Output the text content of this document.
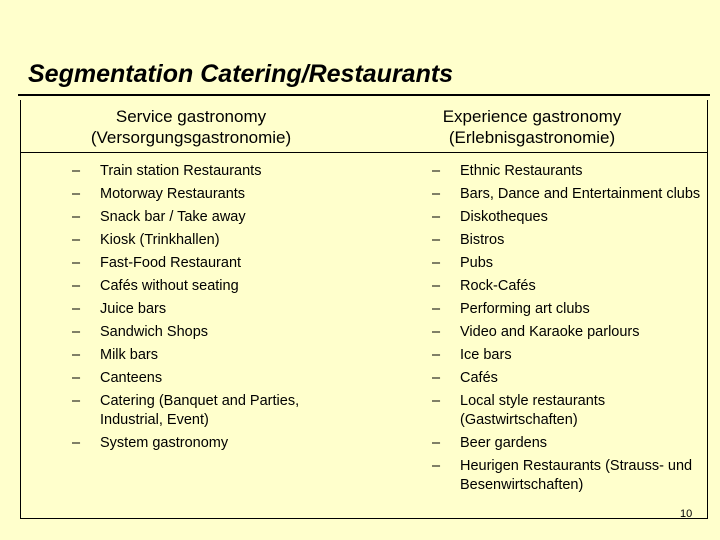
Segmentation Catering/Restaurants
Service gastronomy
(Versorgungsgastronomie)
Experience gastronomy
(Erlebnisgastronomie)
– Train station Restaurants
– Motorway Restaurants
– Snack bar / Take away
– Kiosk (Trinkhallen)
– Fast-Food Restaurant
– Cafés without seating
– Juice bars
– Sandwich Shops
– Milk bars
– Canteens
– Catering (Banquet and Parties, Industrial, Event)
– System gastronomy
– Ethnic Restaurants
– Bars, Dance and Entertainment clubs
– Diskotheques
– Bistros
– Pubs
– Rock-Cafés
– Performing art clubs
– Video and Karaoke parlours
– Ice bars
– Cafés
– Local style restaurants (Gastwirtschaften)
– Beer gardens
– Heurigen Restaurants (Strauss- und Besenwirtschaften)
10
